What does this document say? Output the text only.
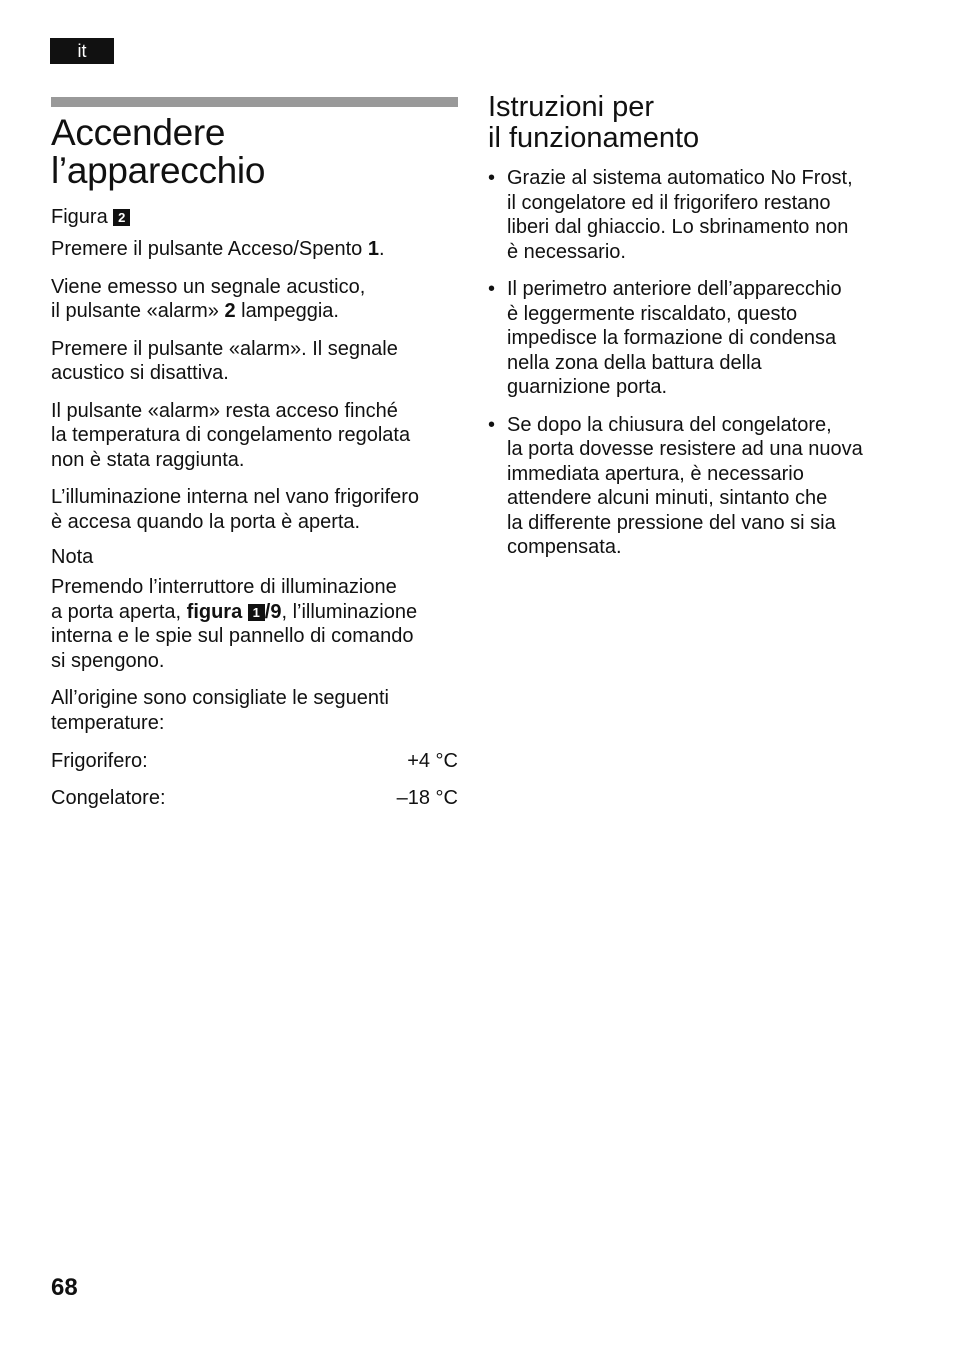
it
Accendere
l’apparecchio

Figura 2

Premere il pulsante Acceso/Spento 1.

Viene emesso un segnale acustico,
il pulsante «alarm» 2 lampeggia.

Premere il pulsante «alarm». Il segnale
acustico si disattiva.

Il pulsante «alarm» resta acceso finché
la temperatura di congelamento regolata
non è stata raggiunta.

L’illuminazione interna nel vano frigorifero
è accesa quando la porta è aperta.

Nota

Premendo l’interruttore di illuminazione
a porta aperta, figura 1 /9, l’illuminazione
interna e le spie sul pannello di comando
si spengono.

All’origine sono consigliate le seguenti
temperature:

Frigorifero:	+4 °C
Congelatore:	–18 °C
Istruzioni per
il funzionamento
• Grazie al sistema automatico No Frost,
il congelatore ed il frigorifero restano
liberi dal ghiaccio. Lo sbrinamento non
è necessario.
• Il perimetro anteriore dell’apparecchio
è leggermente riscaldato, questo
impedisce la formazione di condensa
nella zona della battura della
guarnizione porta.
• Se dopo la chiusura del congelatore,
la porta dovesse resistere ad una nuova
immediata apertura, è necessario
attendere alcuni minuti, sintanto che
la differente pressione del vano si sia
compensata.
68
